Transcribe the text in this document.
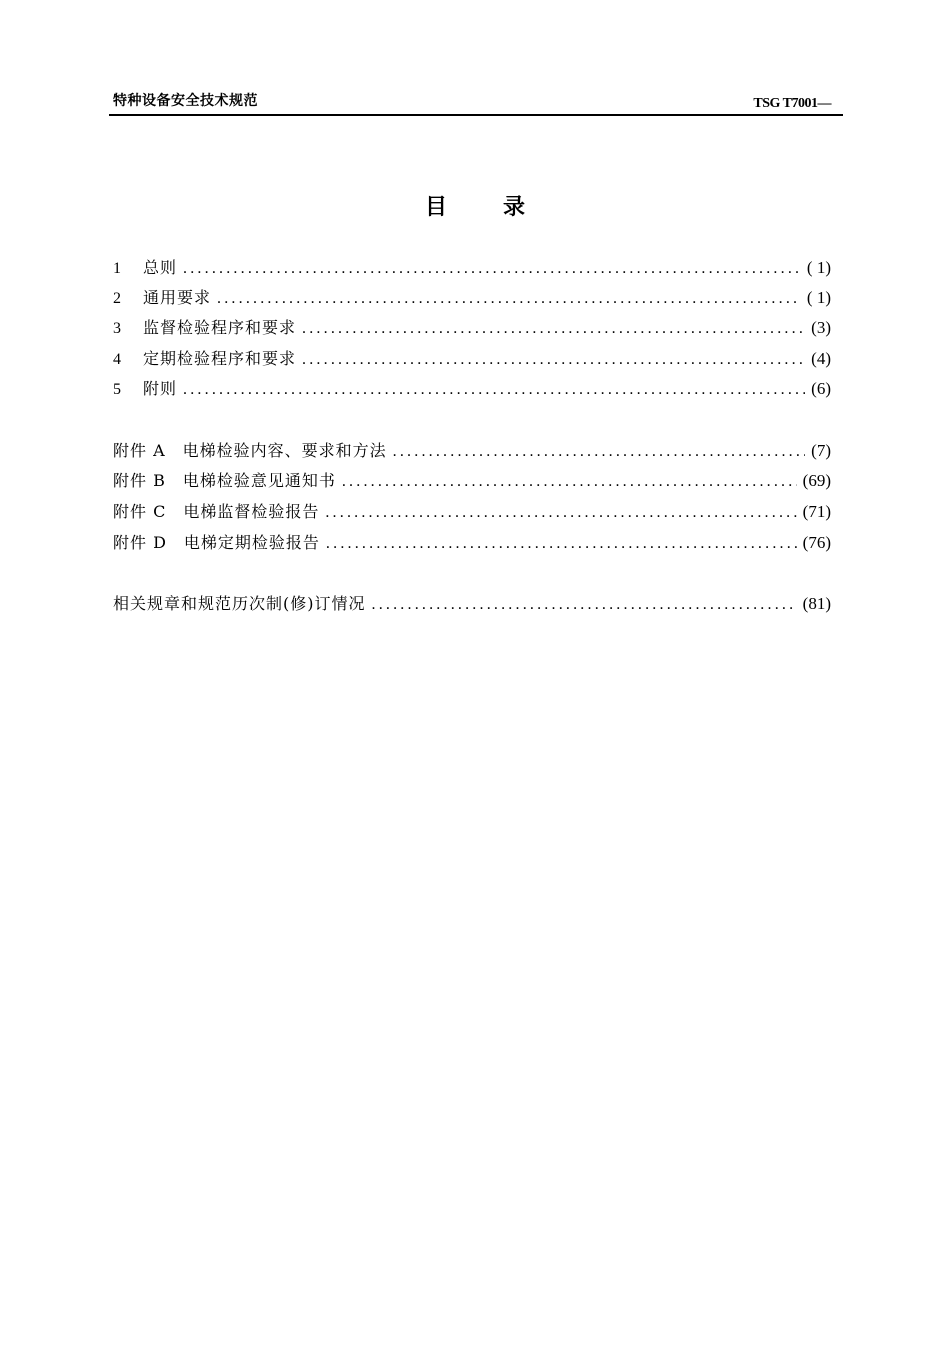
特种设备安全技术规范	TSG T7001—
目录
1	总则 .....	( 1)
2	通用要求 .....	( 1)
3	监督检验程序和要求 .....	(3)
4	定期检验程序和要求 .....	(4)
5	附则 .....	(6)
附件 A　电梯检验内容、要求和方法 .....	(7)
附件 B　电梯检验意见通知书 .....	(69)
附件 C　电梯监督检验报告 .....	(71)
附件 D　电梯定期检验报告 .....	(76)
相关规章和规范历次制(修)订情况 .....	(81)
